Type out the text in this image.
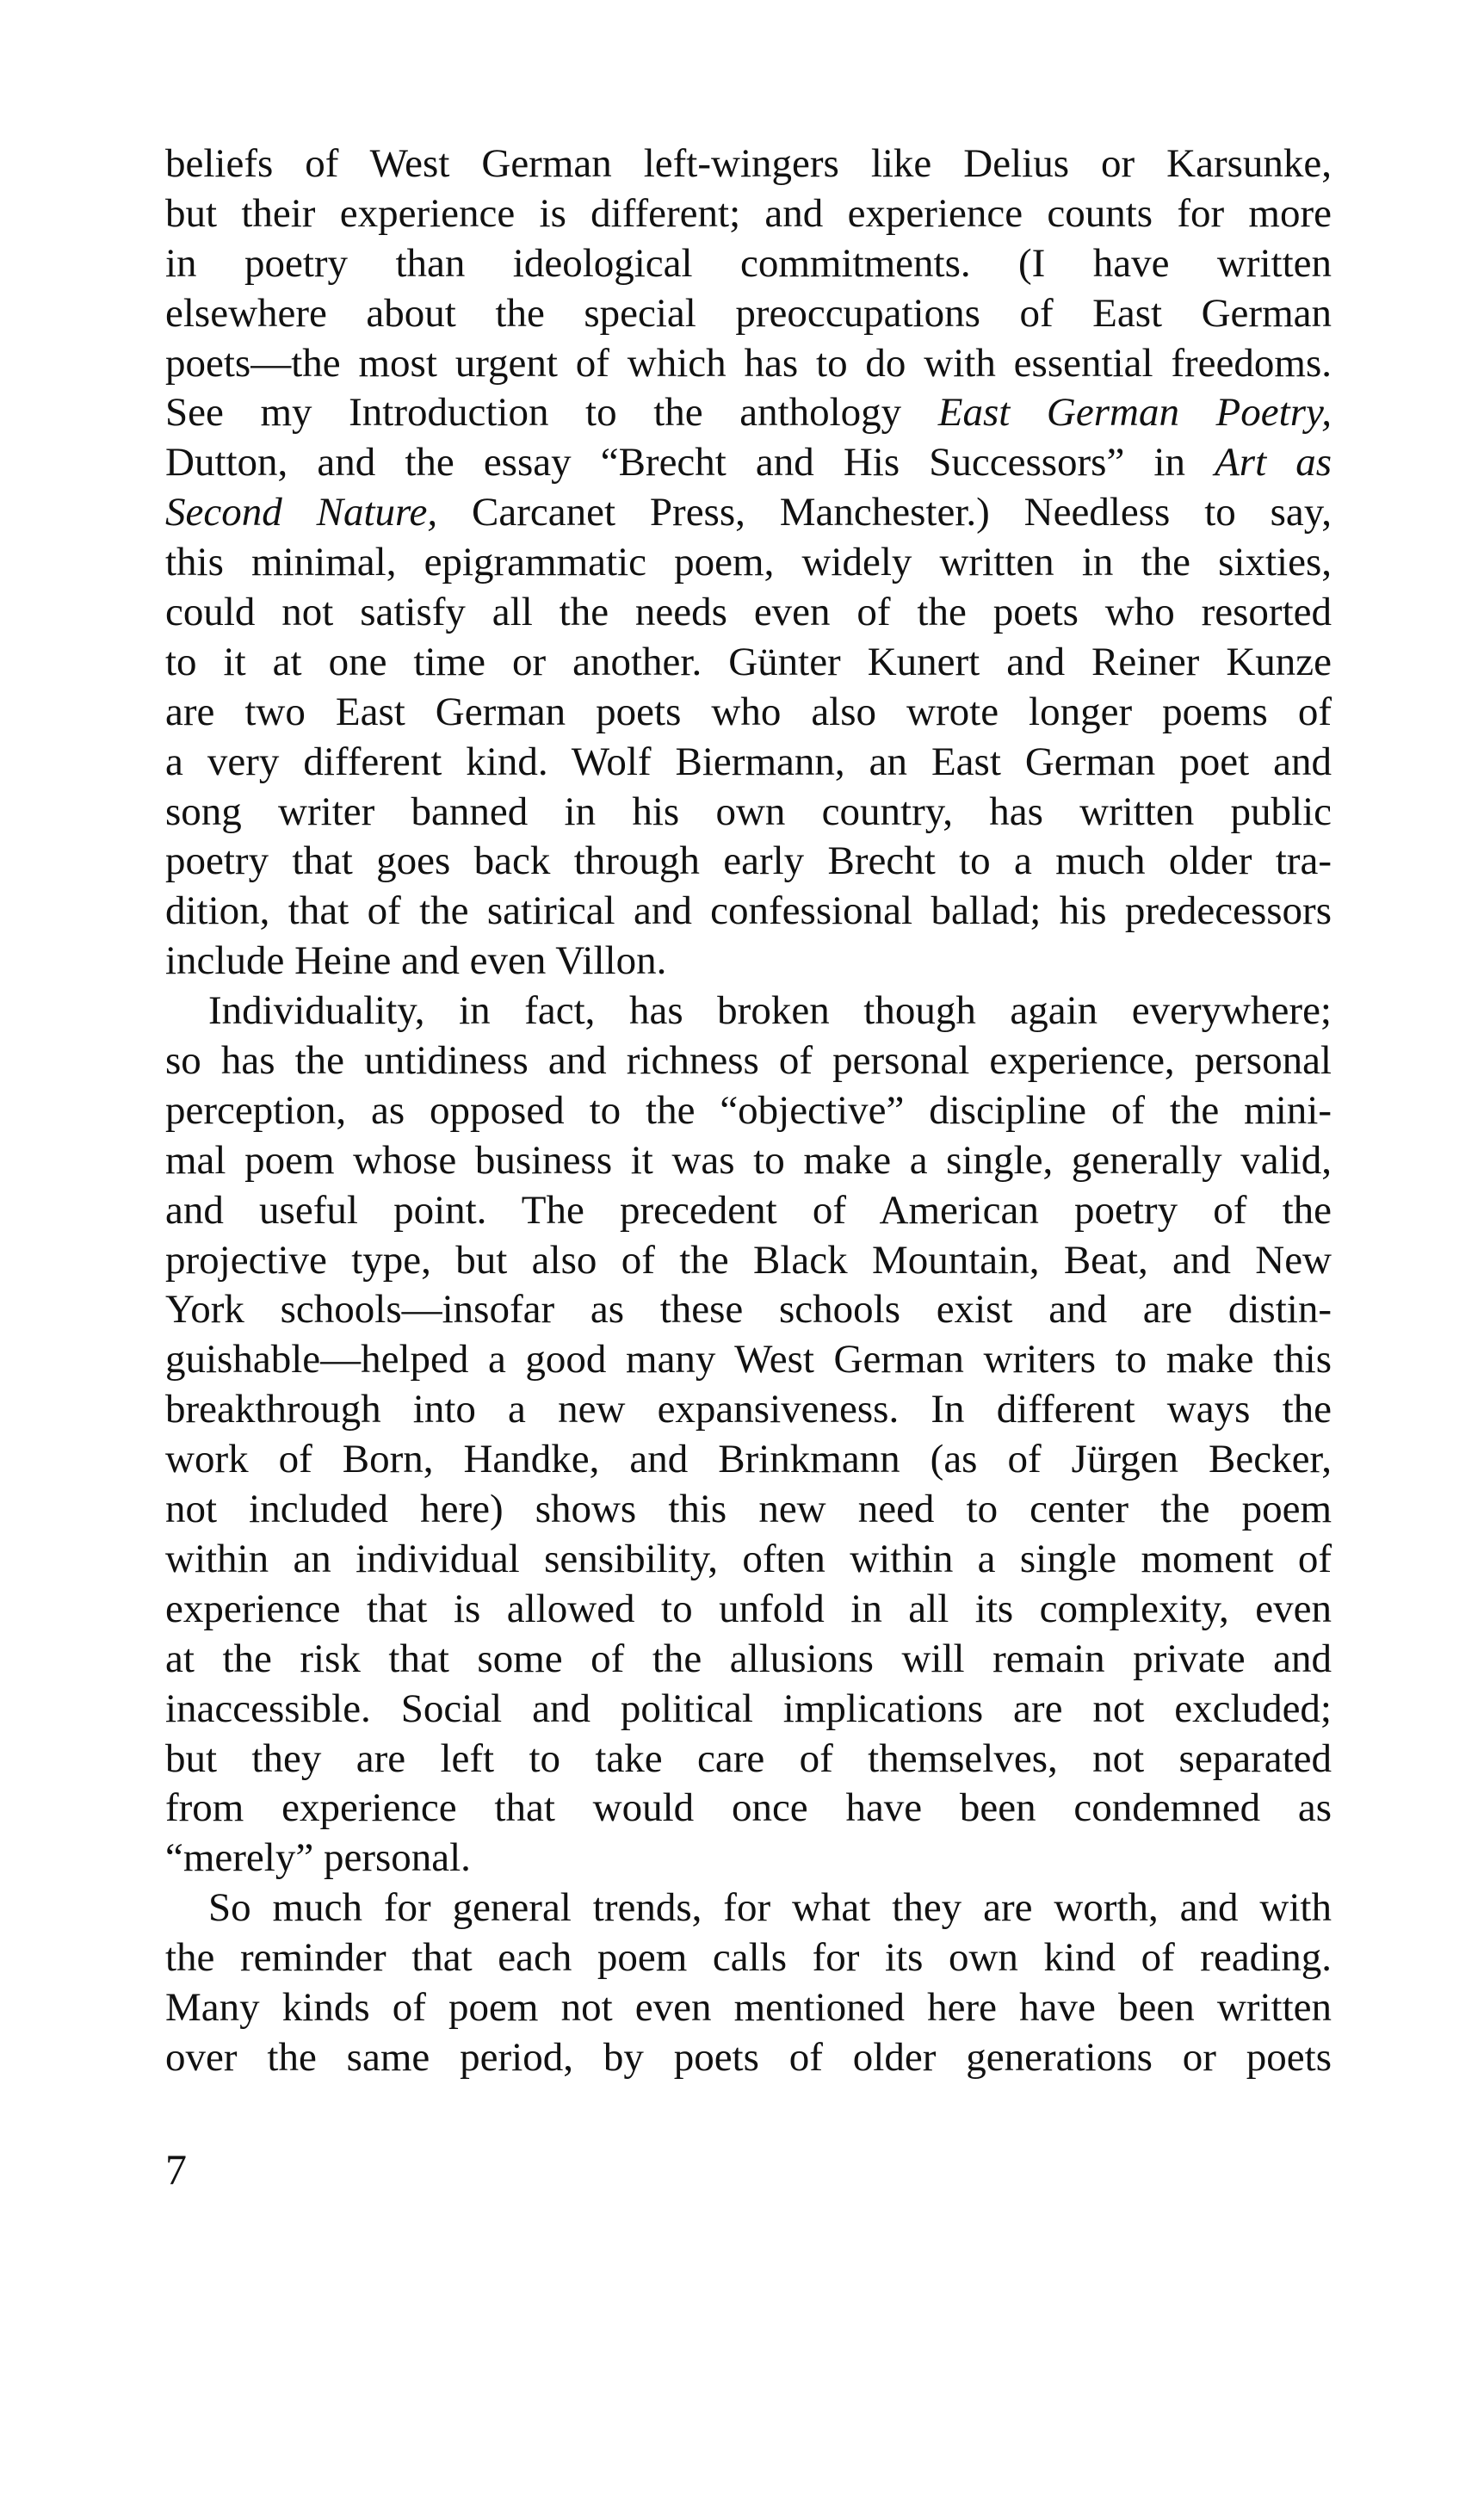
beliefs of West German left-wingers like Delius or Karsunke,
but their experience is different; and experience counts for more
in poetry than ideological commitments. (I have written
elsewhere about the special preoccupations of East German
poets—the most urgent of which has to do with essential freedoms.
See my Introduction to the anthology East German Poetry,
Dutton, and the essay “Brecht and His Successors” in Art as
Second Nature, Carcanet Press, Manchester.) Needless to say,
this minimal, epigrammatic poem, widely written in the sixties,
could not satisfy all the needs even of the poets who resorted
to it at one time or another. Günter Kunert and Reiner Kunze
are two East German poets who also wrote longer poems of
a very different kind. Wolf Biermann, an East German poet and
song writer banned in his own country, has written public
poetry that goes back through early Brecht to a much older tra-
dition, that of the satirical and confessional ballad; his predecessors
include Heine and even Villon.
Individuality, in fact, has broken though again everywhere;
so has the untidiness and richness of personal experience, personal
perception, as opposed to the “objective” discipline of the mini-
mal poem whose business it was to make a single, generally valid,
and useful point. The precedent of American poetry of the
projective type, but also of the Black Mountain, Beat, and New
York schools—insofar as these schools exist and are distin-
guishable—helped a good many West German writers to make this
breakthrough into a new expansiveness. In different ways the
work of Born, Handke, and Brinkmann (as of Jürgen Becker,
not included here) shows this new need to center the poem
within an individual sensibility, often within a single moment of
experience that is allowed to unfold in all its complexity, even
at the risk that some of the allusions will remain private and
inaccessible. Social and political implications are not excluded;
but they are left to take care of themselves, not separated
from experience that would once have been condemned as
“merely” personal.
So much for general trends, for what they are worth, and with
the reminder that each poem calls for its own kind of reading.
Many kinds of poem not even mentioned here have been written
over the same period, by poets of older generations or poets
7
